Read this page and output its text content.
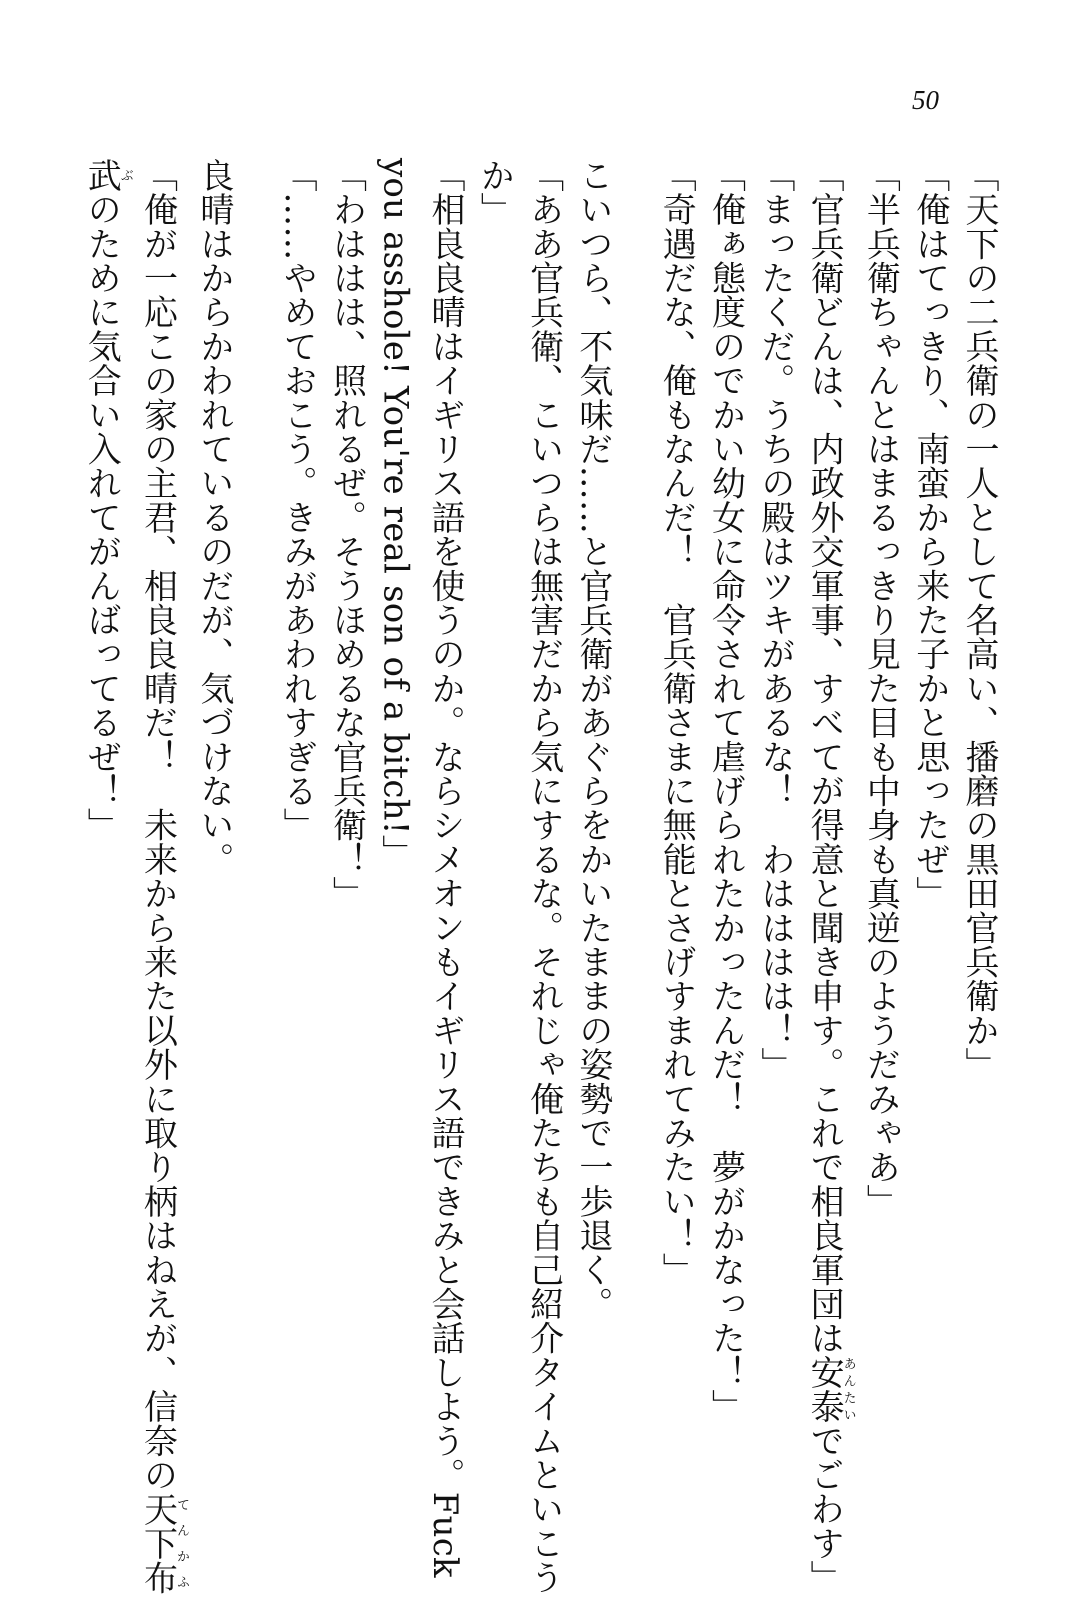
50
「天下の二兵衛の一人として名高い、播磨の黒田官兵衛か」
「俺はてっきり、南蛮から来た子かと思ったぜ」
「半兵衛ちゃんとはまるっきり見た目も中身も真逆のようだみゃあ」
「官兵衛どんは、内政外交軍事、すべてが得意と聞き申す。これで相良軍団は安泰あんたいでごわす」
「まったくだ。うちの殿はツキがあるな！　わはははは！」
「俺ぁ態度のでかい幼女に命令されて虐げられたかったんだ！　夢がかなった！」
「奇遇だな、俺もなんだ！　官兵衛さまに無能とさげすまれてみたい！」
こいつら、不気味だ……と官兵衛があぐらをかいたままの姿勢で一歩退く。
「ああ官兵衛、こいつらは無害だから気にするな。それじゃ俺たちも自己紹介タイムといこう
か」
「相良良晴はイギリス語を使うのか。ならシメオンもイギリス語できみと会話しよう。Fuck
you asshole! You're real son of a bitch!」
「わははは、照れるぜ。そうほめるな官兵衛！」
「……やめておこう。きみがあわれすぎる」
良晴はからかわれているのだが、気づけない。
「俺が一応この家の主君、相良良晴だ！　未来から来た以外に取り柄はねえが、信奈の天下布てんかふ
武ぶのために気合い入れてがんばってるぜ！」
